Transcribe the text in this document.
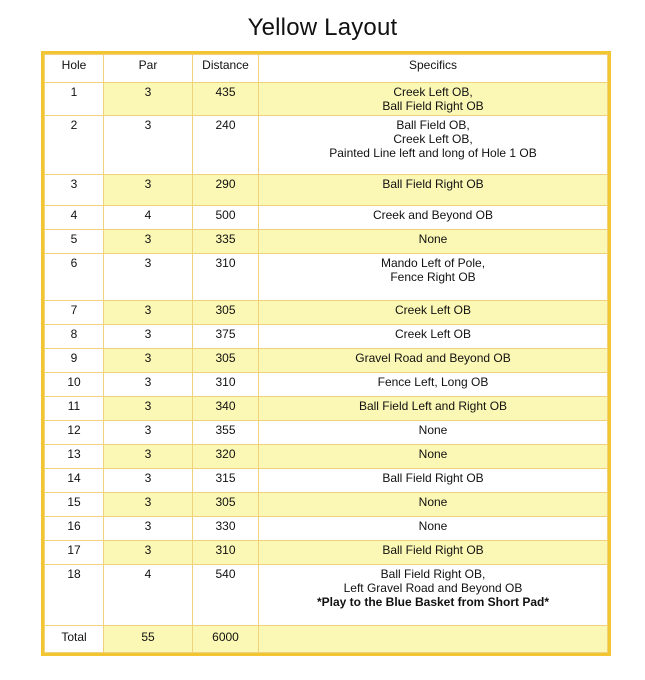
Yellow Layout
Hole	Par	Distance	Specifics
1	3	435	Creek Left OB,
Ball Field Right OB

2	3	240	Ball Field OB,
Creek Left OB,
Painted Line left and long of Hole 1 OB

3	3	290	Ball Field Right OB

4	4	500	Creek and Beyond OB

5	3	335	None

6	3	310	Mando Left of Pole,
Fence Right OB

7	3	305	Creek Left OB

8	3	375	Creek Left OB

9	3	305	Gravel Road and Beyond OB

10	3	310	Fence Left, Long OB

11	3	340	Ball Field Left and Right OB

12	3	355	None

13	3	320	None

14	3	315	Ball Field Right OB

15	3	305	None

16	3	330	None

17	3	310	Ball Field Right OB

18	4	540	Ball Field Right OB,
Left Gravel Road and Beyond OB
*Play to the Blue Basket from Short Pad*

Total	55	6000	
